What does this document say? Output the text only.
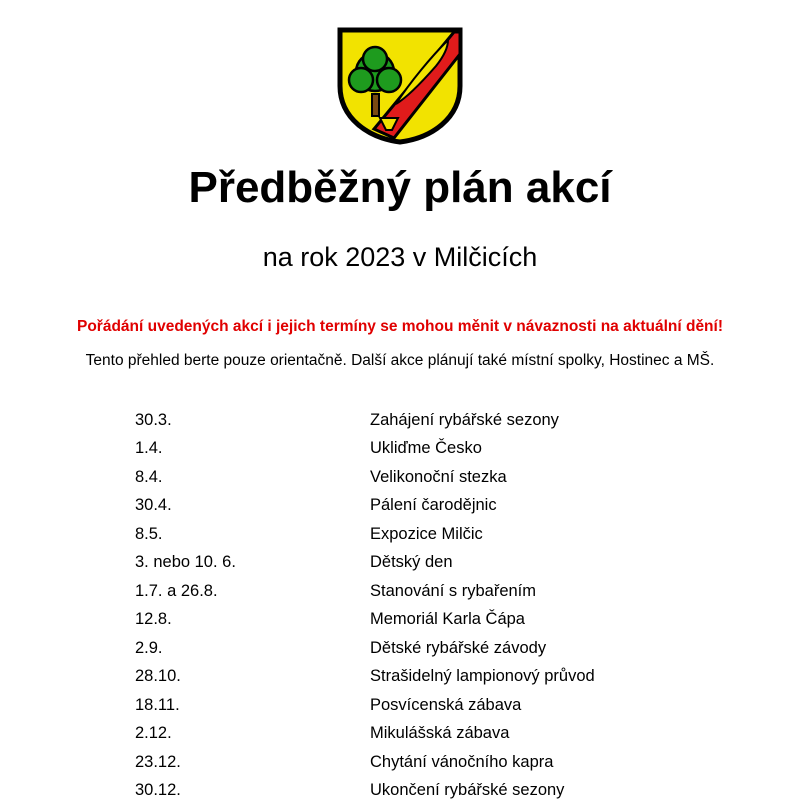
Předběžný plán akcí
na rok 2023 v Milčicích

Pořádání uvedených akcí i jejich termíny se mohou měnit v návaznosti na aktuální dění!

Tento přehled berte pouze orientačně. Další akce plánují také místní spolky, Hostinec a MŠ.

30.3.	Zahájení rybářské sezony
1.4.	Ukliďme Česko
8.4.	Velikonoční stezka
30.4.	Pálení čarodějnic
8.5.	Expozice Milčic
3. nebo 10. 6.	Dětský den
1.7. a 26.8.	Stanování s rybařením
12.8.	Memoriál Karla Čápa
2.9.	Dětské rybářské závody
28.10.	Strašidelný lampionový průvod
18.11.	Posvícenská zábava
2.12.	Mikulášská zábava
23.12.	Chytání vánočního kapra
30.12.	Ukončení rybářské sezony
